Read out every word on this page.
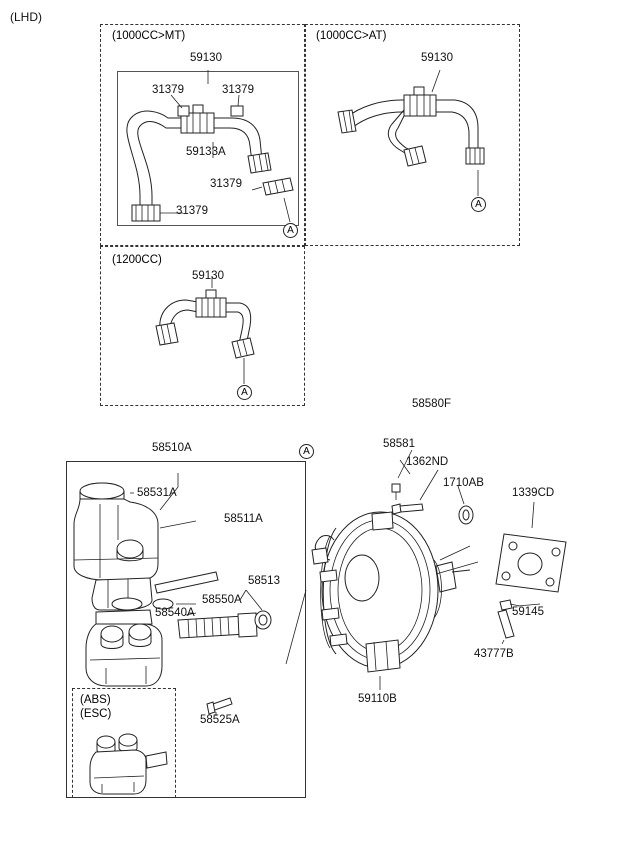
(LHD)
(1000CC>MT)	(1000CC>AT)
(1200CC)
(ABS)
(ESC)
59130
31379	31379
59133A
31379
31379
59130
59130
58510A
58531A
58511A
58513
58550A
58540A
58525A
58580F
58581
1362ND
1710AB
1339CD
59145
43777B
59110B
A
A
A
A
